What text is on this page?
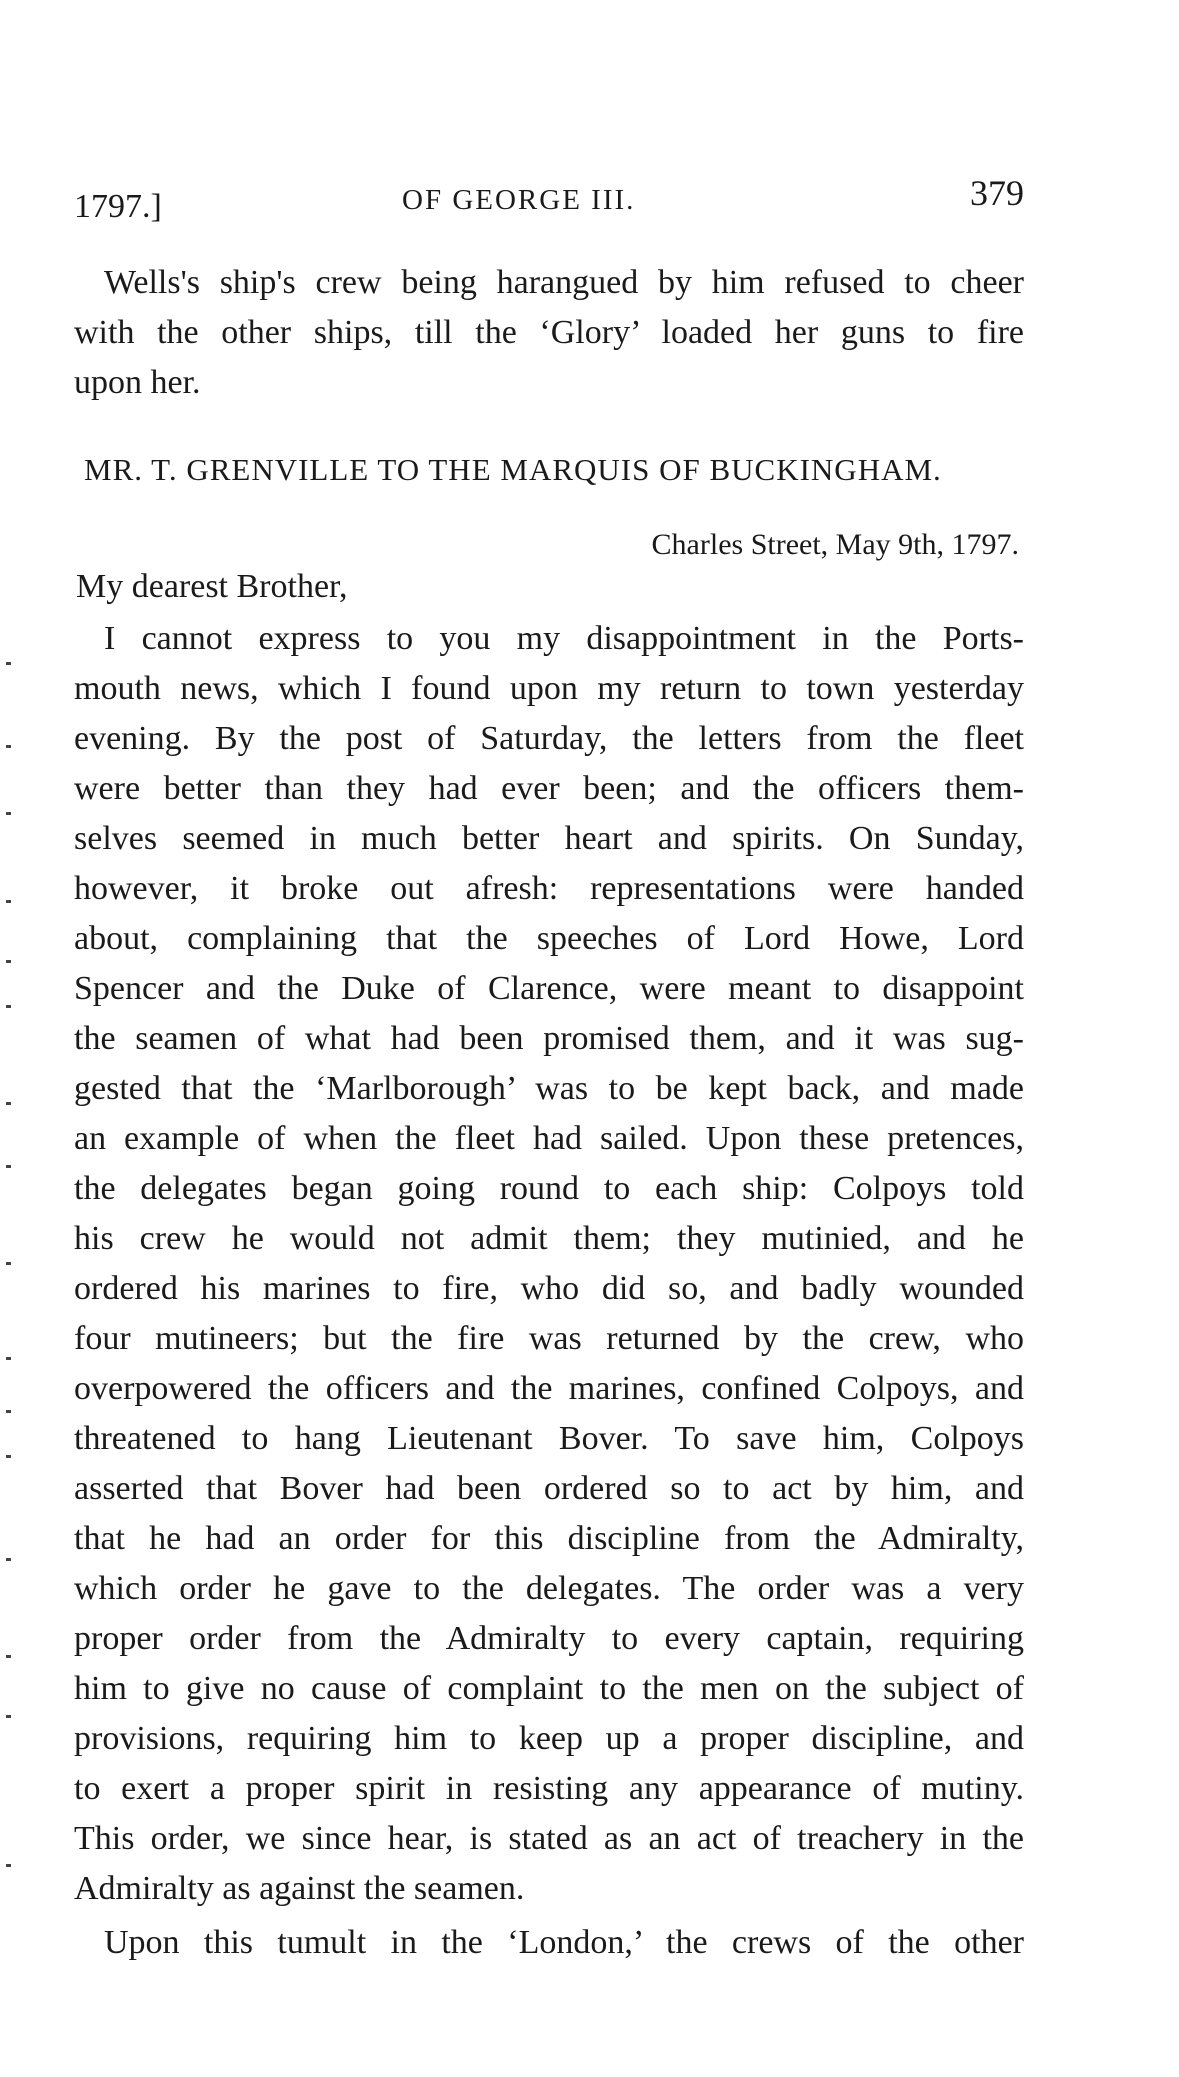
1797.]	OF GEORGE III.	379
Wells's ship's crew being harangued by him refused to cheer
with the other ships, till the ‘Glory’ loaded her guns to fire
upon her.
MR. T. GRENVILLE TO THE MARQUIS OF BUCKINGHAM.
Charles Street, May 9th, 1797.
My dearest Brother,
I cannot express to you my disappointment in the Ports-
mouth news, which I found upon my return to town yesterday
evening. By the post of Saturday, the letters from the fleet
were better than they had ever been; and the officers them-
selves seemed in much better heart and spirits. On Sunday,
however, it broke out afresh: representations were handed
about, complaining that the speeches of Lord Howe, Lord
Spencer and the Duke of Clarence, were meant to disappoint
the seamen of what had been promised them, and it was sug-
gested that the ‘Marlborough’ was to be kept back, and made
an example of when the fleet had sailed. Upon these pretences,
the delegates began going round to each ship: Colpoys told
his crew he would not admit them; they mutinied, and he
ordered his marines to fire, who did so, and badly wounded
four mutineers; but the fire was returned by the crew, who
overpowered the officers and the marines, confined Colpoys, and
threatened to hang Lieutenant Bover. To save him, Colpoys
asserted that Bover had been ordered so to act by him, and
that he had an order for this discipline from the Admiralty,
which order he gave to the delegates. The order was a very
proper order from the Admiralty to every captain, requiring
him to give no cause of complaint to the men on the subject of
provisions, requiring him to keep up a proper discipline, and
to exert a proper spirit in resisting any appearance of mutiny.
This order, we since hear, is stated as an act of treachery in the
Admiralty as against the seamen.
Upon this tumult in the ‘London,’ the crews of the other
